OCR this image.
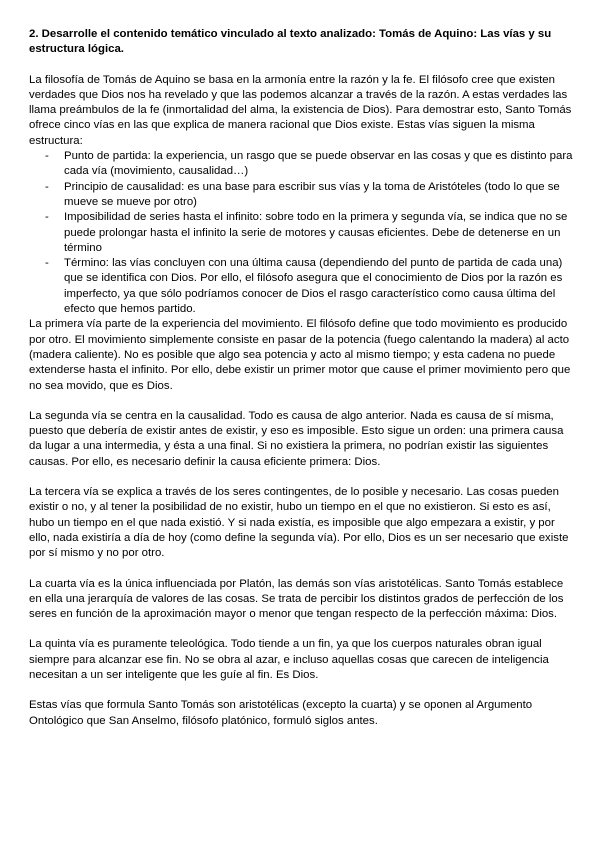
2. Desarrolle el contenido temático vinculado al texto analizado: Tomás de Aquino: Las vías y su estructura lógica.

La filosofía de Tomás de Aquino se basa en la armonía entre la razón y la fe. El filósofo cree que existen verdades que Dios nos ha revelado y que las podemos alcanzar a través de la razón. A estas verdades las llama preámbulos de la fe (inmortalidad del alma, la existencia de Dios). Para demostrar esto, Santo Tomás ofrece cinco vías en las que explica de manera racional que Dios existe. Estas vías siguen la misma estructura:

- Punto de partida: la experiencia, un rasgo que se puede observar en las cosas y que es distinto para cada vía (movimiento, causalidad…)
- Principio de causalidad: es una base para escribir sus vías y la toma de Aristóteles (todo lo que se mueve se mueve por otro)
- Imposibilidad de series hasta el infinito: sobre todo en la primera y segunda vía, se indica que no se puede prolongar hasta el infinito la serie de motores y causas eficientes. Debe de detenerse en un término
- Término: las vías concluyen con una última causa (dependiendo del punto de partida de cada una) que se identifica con Dios. Por ello, el filósofo asegura que el conocimiento de Dios por la razón es imperfecto, ya que sólo podríamos conocer de Dios el rasgo característico como causa última del efecto que hemos partido.

La primera vía parte de la experiencia del movimiento. El filósofo define que todo movimiento es producido por otro. El movimiento simplemente consiste en pasar de la potencia (fuego calentando la madera) al acto (madera caliente). No es posible que algo sea potencia y acto al mismo tiempo; y esta cadena no puede extenderse hasta el infinito. Por ello, debe existir un primer motor que cause el primer movimiento pero que no sea movido, que es Dios.

La segunda vía se centra en la causalidad. Todo es causa de algo anterior. Nada es causa de sí misma, puesto que debería de existir antes de existir, y eso es imposible. Esto sigue un orden: una primera causa da lugar a una intermedia, y ésta a una final. Si no existiera la primera, no podrían existir las siguientes causas. Por ello, es necesario definir la causa eficiente primera: Dios.

La tercera vía se explica a través de los seres contingentes, de lo posible y necesario. Las cosas pueden existir o no, y al tener la posibilidad de no existir, hubo un tiempo en el que no existieron. Si esto es así, hubo un tiempo en el que nada existió. Y si nada existía, es imposible que algo empezara a existir, y por ello, nada existiría a día de hoy (como define la segunda vía). Por ello, Dios es un ser necesario que existe por sí mismo y no por otro.

La cuarta vía es la única influenciada por Platón, las demás son vías aristotélicas. Santo Tomás establece en ella una jerarquía de valores de las cosas. Se trata de percibir los distintos grados de perfección de los seres en función de la aproximación mayor o menor que tengan respecto de la perfección máxima: Dios.

La quinta vía es puramente teleológica. Todo tiende a un fin, ya que los cuerpos naturales obran igual siempre para alcanzar ese fin. No se obra al azar, e incluso aquellas cosas que carecen de inteligencia necesitan a un ser inteligente que les guíe al fin. Es Dios.

Estas vías que formula Santo Tomás son aristotélicas (excepto la cuarta) y se oponen al Argumento Ontológico que San Anselmo, filósofo platónico, formuló siglos antes.
